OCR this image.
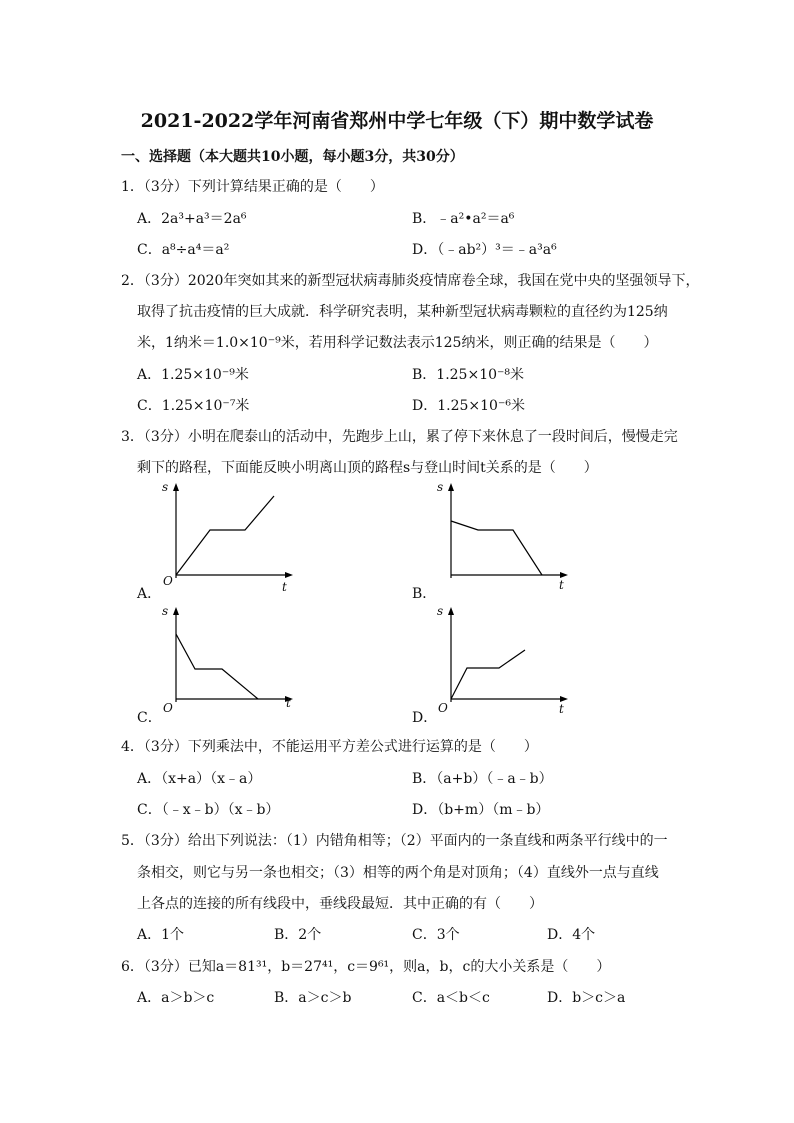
2021-2022学年河南省郑州中学七年级（下）期中数学试卷
一、选择题（本大题共10小题，每小题3分，共30分）
1．（3分）下列计算结果正确的是（　　）
A．2a³+a³＝2a⁶	B．﹣a²•a²＝a⁶
C．a⁸÷a⁴＝a²	D．（﹣ab²）³＝﹣a³a⁶
2．（3分）2020年突如其来的新型冠状病毒肺炎疫情席卷全球，我国在党中央的坚强领导下，
取得了抗击疫情的巨大成就．科学研究表明，某种新型冠状病毒颗粒的直径约为125纳
米，1纳米＝1.0×10⁻⁹米，若用科学记数法表示125纳米，则正确的结果是（　　）
A．1.25×10⁻⁹米	B．1.25×10⁻⁸米
C．1.25×10⁻⁷米	D．1.25×10⁻⁶米
3．（3分）小明在爬泰山的活动中，先跑步上山，累了停下来休息了一段时间后，慢慢走完
剩下的路程，下面能反映小明离山顶的路程s与登山时间t关系的是（　　）
A．
s
t
O
B．
s
t
C．
s
t
O
D．
s
t
O
4．（3分）下列乘法中，不能运用平方差公式进行运算的是（　　）
A．（x+a）（x﹣a）	B．（a+b）（﹣a﹣b）
C．（﹣x﹣b）（x﹣b）	D．（b+m）（m﹣b）
5．（3分）给出下列说法：（1）内错角相等；（2）平面内的一条直线和两条平行线中的一
条相交，则它与另一条也相交；（3）相等的两个角是对顶角；（4）直线外一点与直线
上各点的连接的所有线段中，垂线段最短．其中正确的有（　　）
A．1个	B．2个	C．3个	D．4个
6．（3分）已知a＝81³¹，b＝27⁴¹，c＝9⁶¹，则a，b，c的大小关系是（　　）
A．a＞b＞c	B．a＞c＞b	C．a＜b＜c	D．b＞c＞a
